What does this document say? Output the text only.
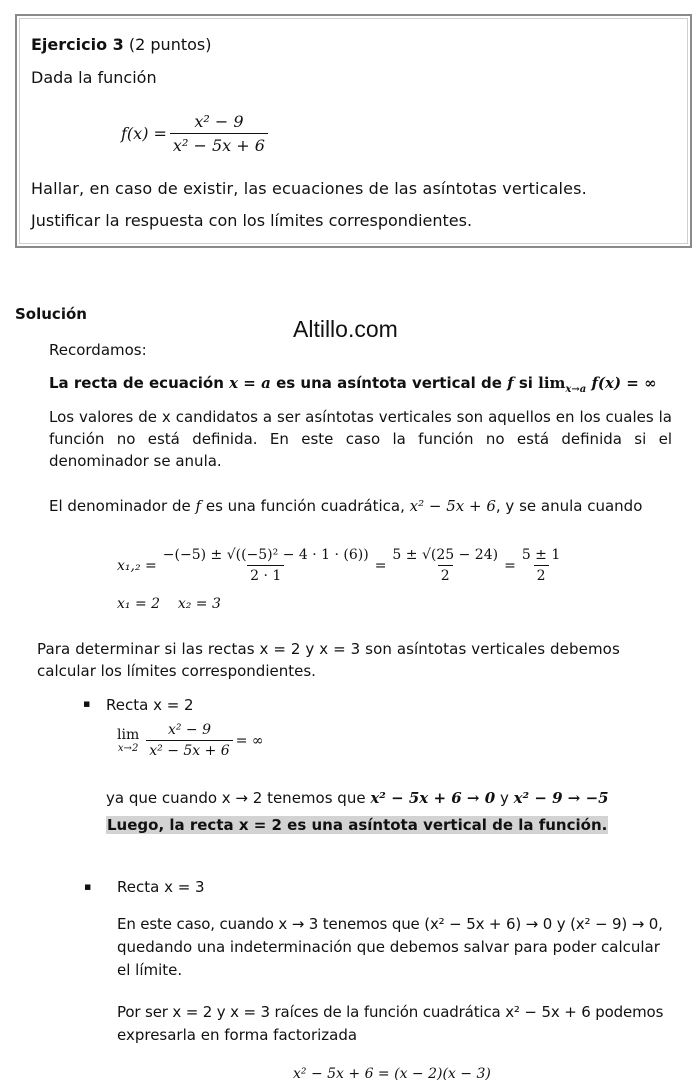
Ejercicio 3 (2 puntos)
Dada la función
$f(x) = \frac{\text{x² − 9}}{\text{x² − 5x + 6}}$
Hallar, en caso de existir, las ecuaciones de las asíntotas verticales.
Justificar la respuesta con los límites correspondientes.
Solución
Altillo.com
Recordamos:
La recta de ecuación x = a es una asíntota vertical de f si $\lim_{x\to a} f(x)$ = ∞
Los valores de x candidatos a ser asíntotas verticales son aquellos en los cuales la función no está definida. En este caso la función no está definida si el denominador se anula.
El denominador de f es una función cuadrática, x² − 5x + 6, y se anula cuando
$x_1,_2 = \frac{\text{−(−5) ± √((−5)² − 4 · 1 · (6))}}{2 \cdot 1} = \frac{5 \pm √(25 - 24)}{2} = \frac{5 \pm 1}{2}$
x₁ = 2    x₂ = 3
Para determinar si las rectas x = 2 y x = 3 son asíntotas verticales debemos
calcular los límites correspondientes.
▪ Recta x = 2
lim
$x\to 2 \frac{\text{x² − 9}}{\text{x² − 5x + 6}}$ = ∞
ya que cuando x → 2 tenemos que x² − 5x + 6 → 0 y x² − 9 → −5
Luego, la recta x = 2 es una asíntota vertical de la función.
▪ Recta x = 3
En este caso, cuando x → 3 tenemos que (x² − 5x + 6) → 0 y (x² − 9) → 0,
quedando una indeterminación que debemos salvar para poder calcular
el límite.
Por ser x = 2 y x = 3 raíces de la función cuadrática x² − 5x + 6 podemos
expresarla en forma factorizada
x² − 5x + 6 = (x − 2)(x − 3)
